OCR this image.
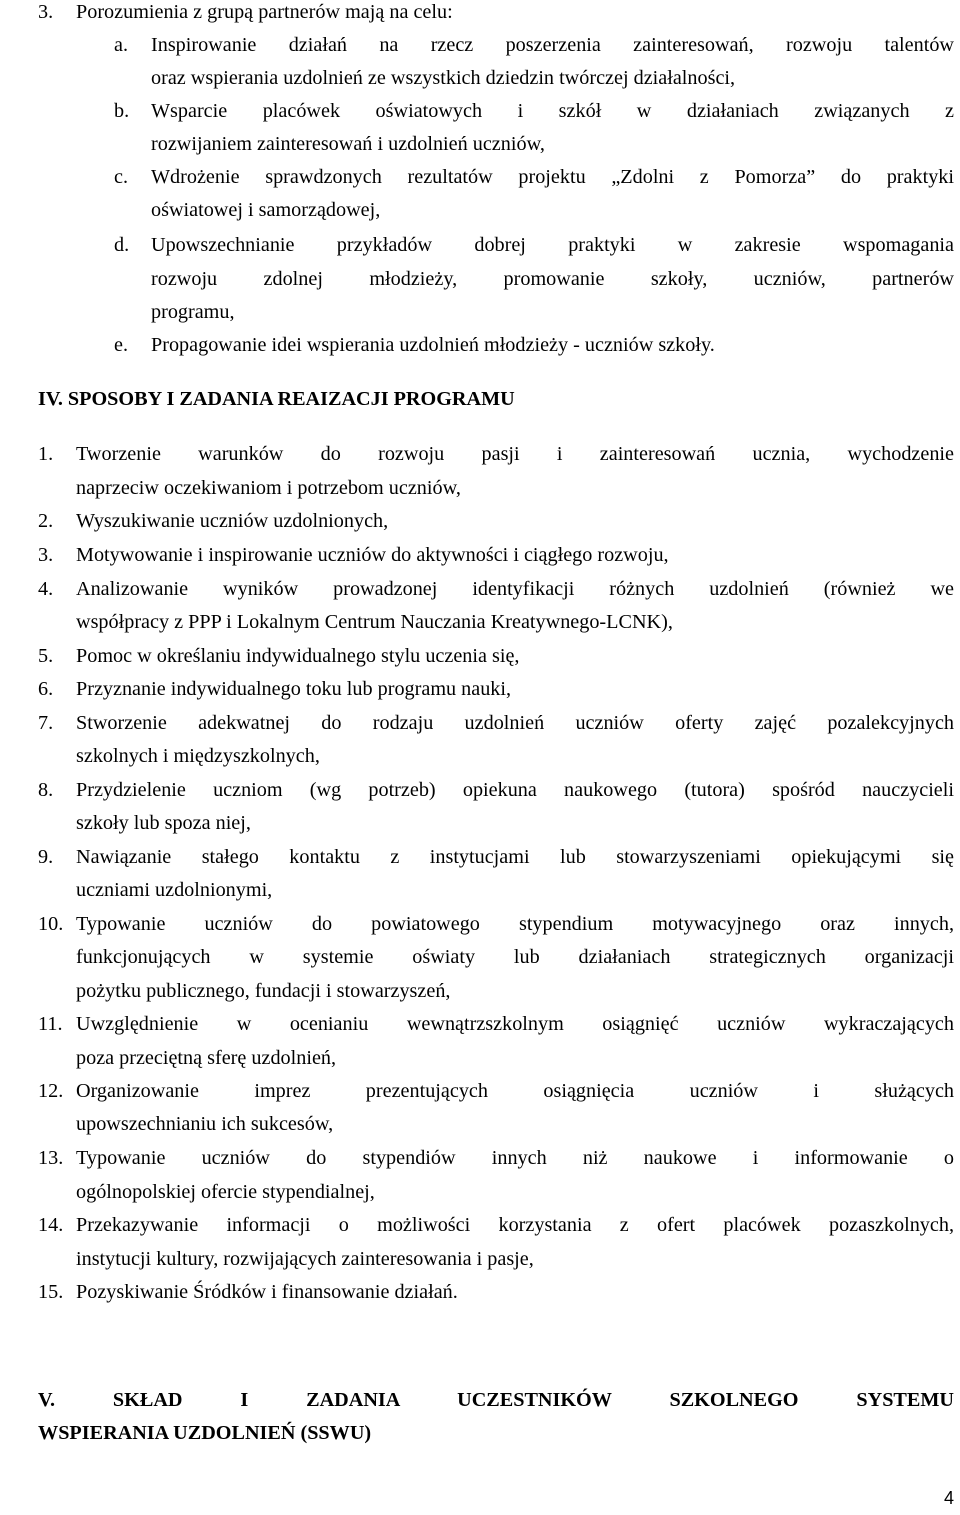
3. Porozumienia z grupą partnerów mają na celu:
a. Inspirowanie działań na rzecz poszerzenia zainteresowań, rozwoju talentów
oraz wspierania uzdolnień ze wszystkich dziedzin twórczej działalności,
b. Wsparcie placówek oświatowych i szkół w działaniach związanych z
rozwijaniem zainteresowań i uzdolnień uczniów,
c. Wdrożenie sprawdzonych rezultatów projektu „Zdolni z Pomorza” do praktyki
oświatowej i samorządowej,
d. Upowszechnianie przykładów dobrej praktyki w zakresie wspomagania
rozwoju zdolnej młodzieży, promowanie szkoły, uczniów, partnerów
programu,
e. Propagowanie idei wspierania uzdolnień młodzieży - uczniów szkoły.
IV. SPOSOBY I ZADANIA REAIZACJI PROGRAMU
1. Tworzenie warunków do rozwoju pasji i zainteresowań ucznia, wychodzenie
naprzeciw oczekiwaniom i potrzebom uczniów,
2. Wyszukiwanie uczniów uzdolnionych,
3. Motywowanie i inspirowanie uczniów do aktywności i ciągłego rozwoju,
4. Analizowanie wyników prowadzonej identyfikacji różnych uzdolnień (również we
współpracy z PPP i Lokalnym Centrum Nauczania Kreatywnego-LCNK),
5. Pomoc w określaniu indywidualnego stylu uczenia się,
6. Przyznanie indywidualnego toku lub programu nauki,
7. Stworzenie adekwatnej do rodzaju uzdolnień uczniów oferty zajęć pozalekcyjnych
szkolnych i międzyszkolnych,
8. Przydzielenie uczniom (wg potrzeb) opiekuna naukowego (tutora) spośród nauczycieli
szkoły lub spoza niej,
9. Nawiązanie stałego kontaktu z instytucjami lub stowarzyszeniami opiekującymi się
uczniami uzdolnionymi,
10. Typowanie uczniów do powiatowego stypendium motywacyjnego oraz innych,
funkcjonujących w systemie oświaty lub działaniach strategicznych organizacji
pożytku publicznego, fundacji i stowarzyszeń,
11. Uwzględnienie w ocenianiu wewnątrzszkolnym osiągnięć uczniów wykraczających
poza przeciętną sferę uzdolnień,
12. Organizowanie imprez prezentujących osiągnięcia uczniów i służących
upowszechnianiu ich sukcesów,
13. Typowanie uczniów do stypendiów innych niż naukowe i informowanie o
ogólnopolskiej ofercie stypendialnej,
14. Przekazywanie informacji o możliwości korzystania z ofert placówek pozaszkolnych,
instytucji kultury, rozwijających zainteresowania i pasje,
15. Pozyskiwanie Śródków i finansowanie działań.
V. SKŁAD I ZADANIA UCZESTNIKÓW SZKOLNEGO SYSTEMU
WSPIERANIA UZDOLNIEŃ (SSWU)
4
